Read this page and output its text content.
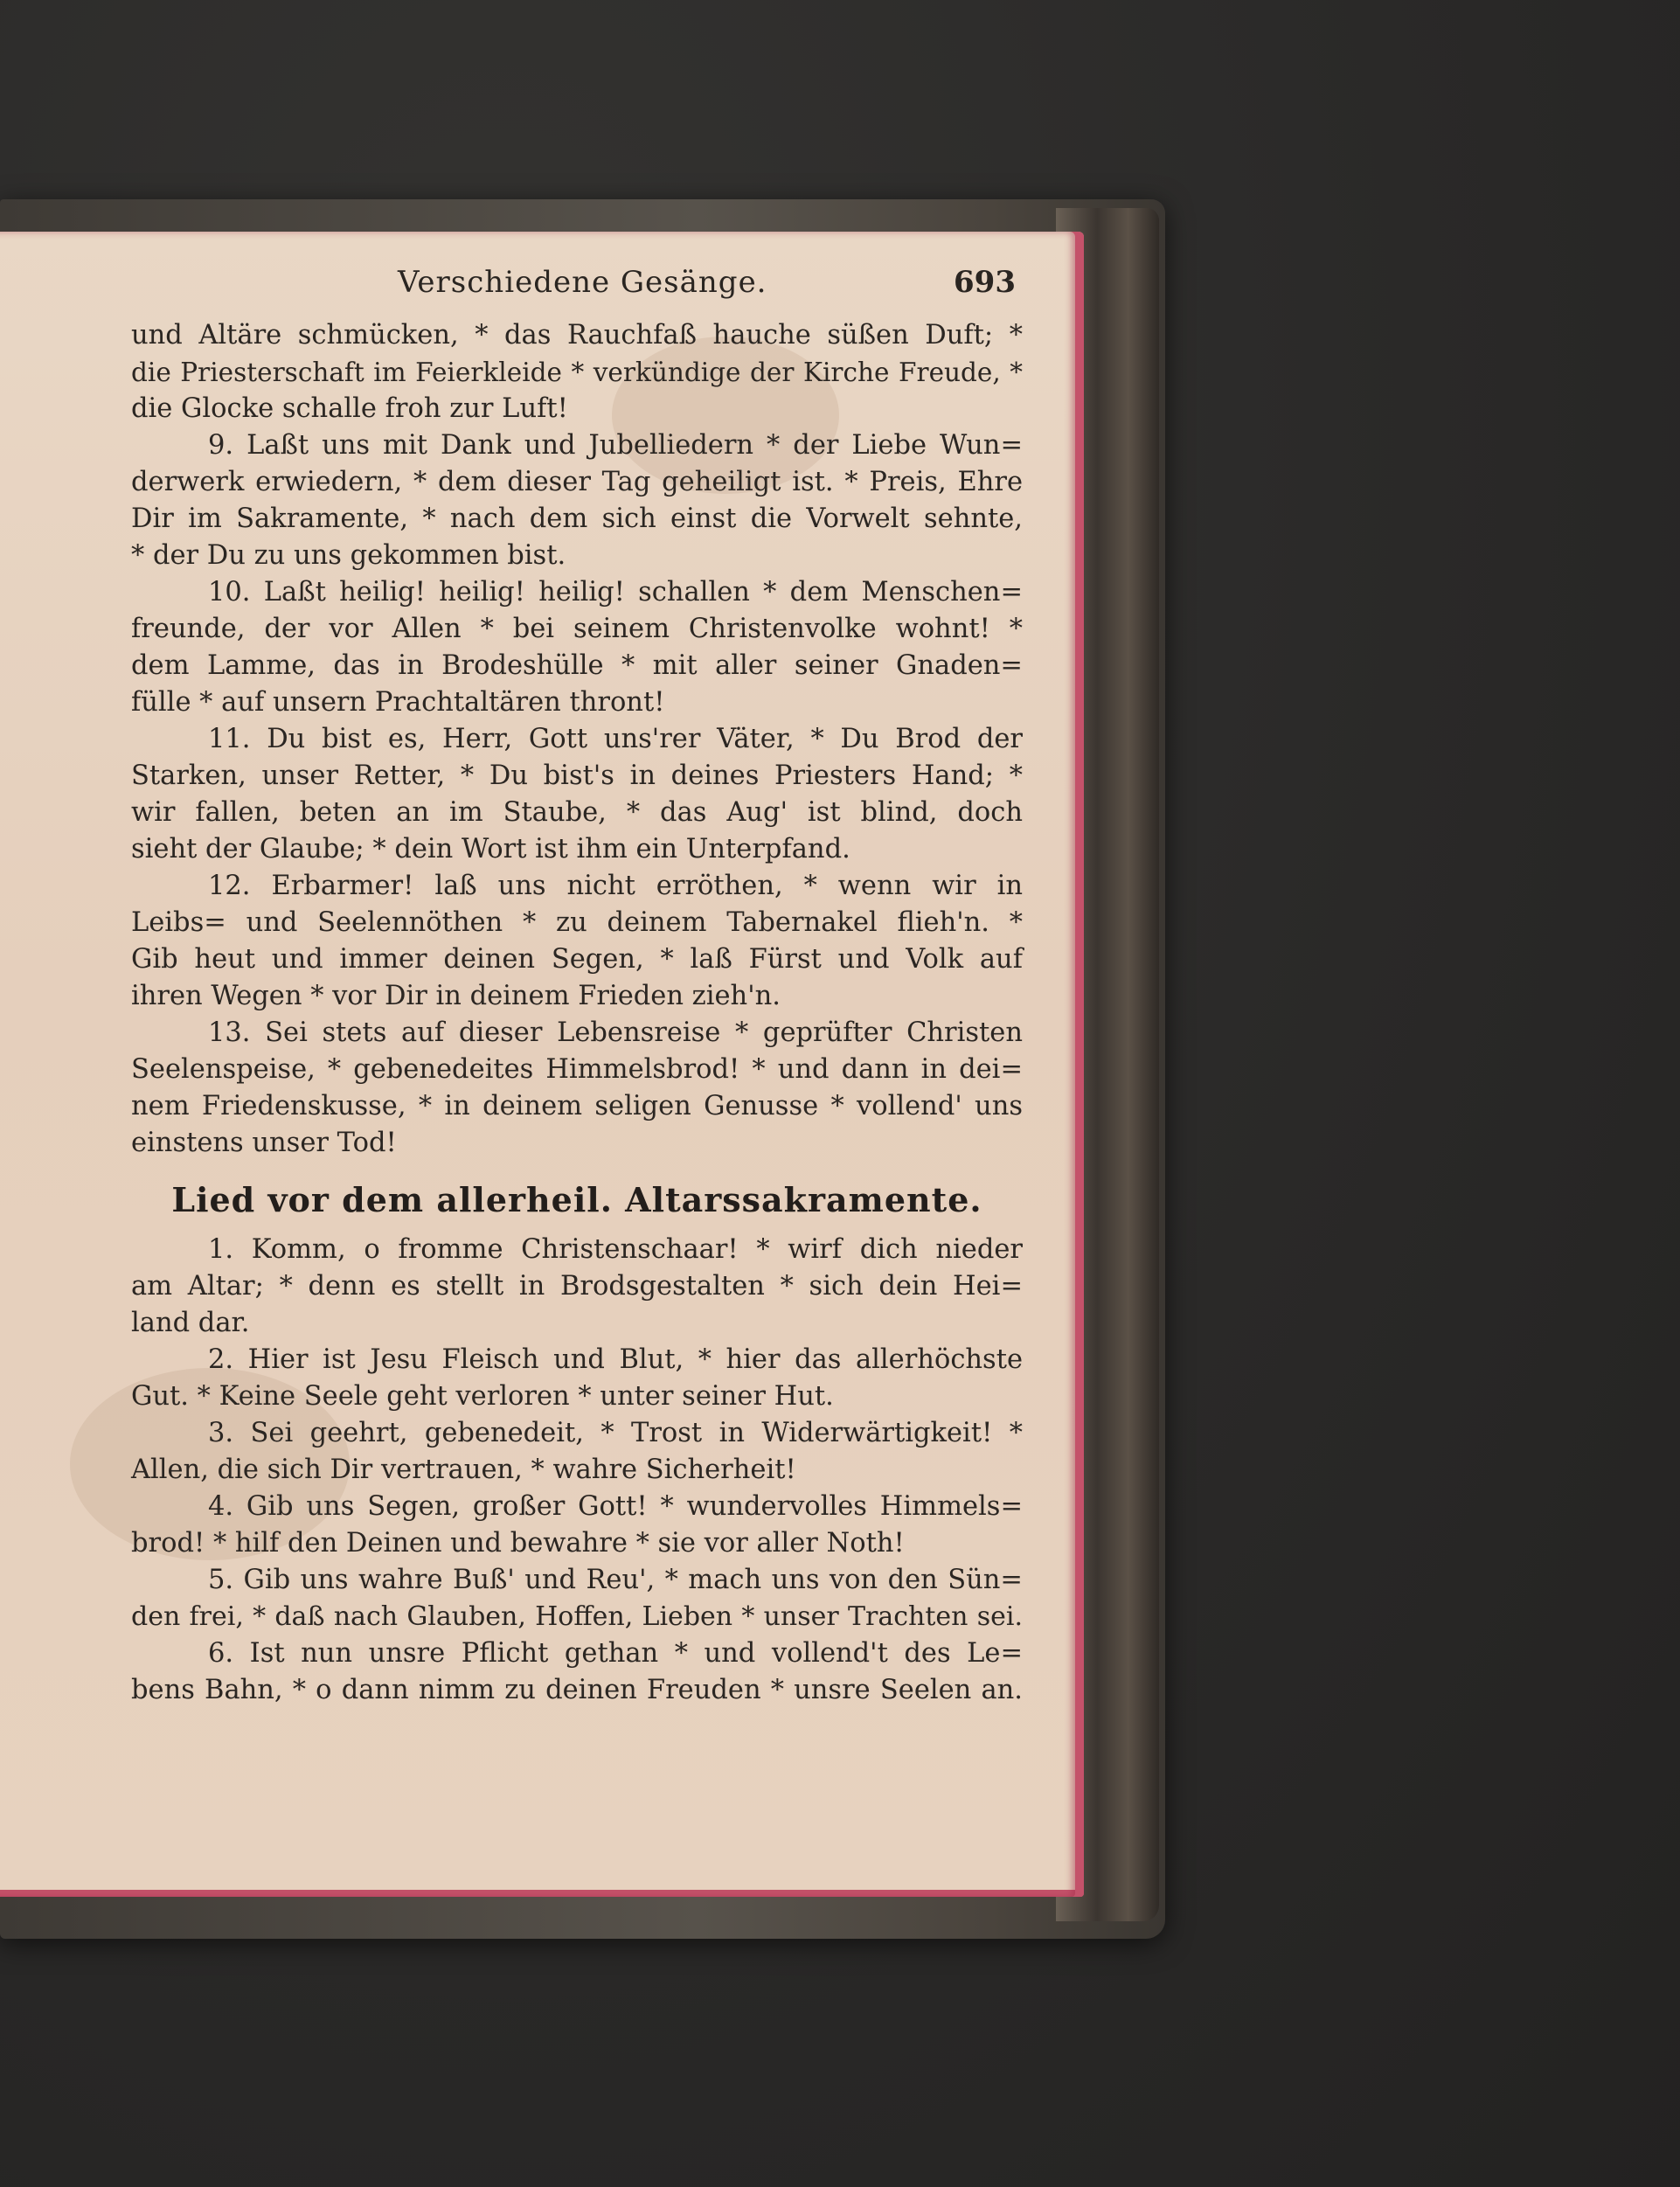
Verschiedene Gesänge.	693
und Altäre schmücken, * das Rauchfaß hauche süßen Duft; *
die Priesterschaft im Feierkleide * verkündige der Kirche Freude, *
die Glocke schalle froh zur Luft!
9. Laßt uns mit Dank und Jubelliedern * der Liebe Wun=
derwerk erwiedern, * dem dieser Tag geheiligt ist. * Preis, Ehre
Dir im Sakramente, * nach dem sich einst die Vorwelt sehnte,
* der Du zu uns gekommen bist.
10. Laßt heilig! heilig! heilig! schallen * dem Menschen=
freunde, der vor Allen * bei seinem Christenvolke wohnt! *
dem Lamme, das in Brodeshülle * mit aller seiner Gnaden=
fülle * auf unsern Prachtaltären thront!
11. Du bist es, Herr, Gott uns'rer Väter, * Du Brod der
Starken, unser Retter, * Du bist's in deines Priesters Hand; *
wir fallen, beten an im Staube, * das Aug' ist blind, doch
sieht der Glaube; * dein Wort ist ihm ein Unterpfand.
12. Erbarmer! laß uns nicht erröthen, * wenn wir in
Leibs= und Seelennöthen * zu deinem Tabernakel flieh'n. *
Gib heut und immer deinen Segen, * laß Fürst und Volk auf
ihren Wegen * vor Dir in deinem Frieden zieh'n.
13. Sei stets auf dieser Lebensreise * geprüfter Christen
Seelenspeise, * gebenedeites Himmelsbrod! * und dann in dei=
nem Friedenskusse, * in deinem seligen Genusse * vollend' uns
einstens unser Tod!
Lied vor dem allerheil. Altarssakramente.
1. Komm, o fromme Christenschaar! * wirf dich nieder
am Altar; * denn es stellt in Brodsgestalten * sich dein Hei=
land dar.
2. Hier ist Jesu Fleisch und Blut, * hier das allerhöchste
Gut. * Keine Seele geht verloren * unter seiner Hut.
3. Sei geehrt, gebenedeit, * Trost in Widerwärtigkeit! *
Allen, die sich Dir vertrauen, * wahre Sicherheit!
4. Gib uns Segen, großer Gott! * wundervolles Himmels=
brod! * hilf den Deinen und bewahre * sie vor aller Noth!
5. Gib uns wahre Buß' und Reu', * mach uns von den Sün=
den frei, * daß nach Glauben, Hoffen, Lieben * unser Trachten sei.
6. Ist nun unsre Pflicht gethan * und vollend't des Le=
bens Bahn, * o dann nimm zu deinen Freuden * unsre Seelen an.
